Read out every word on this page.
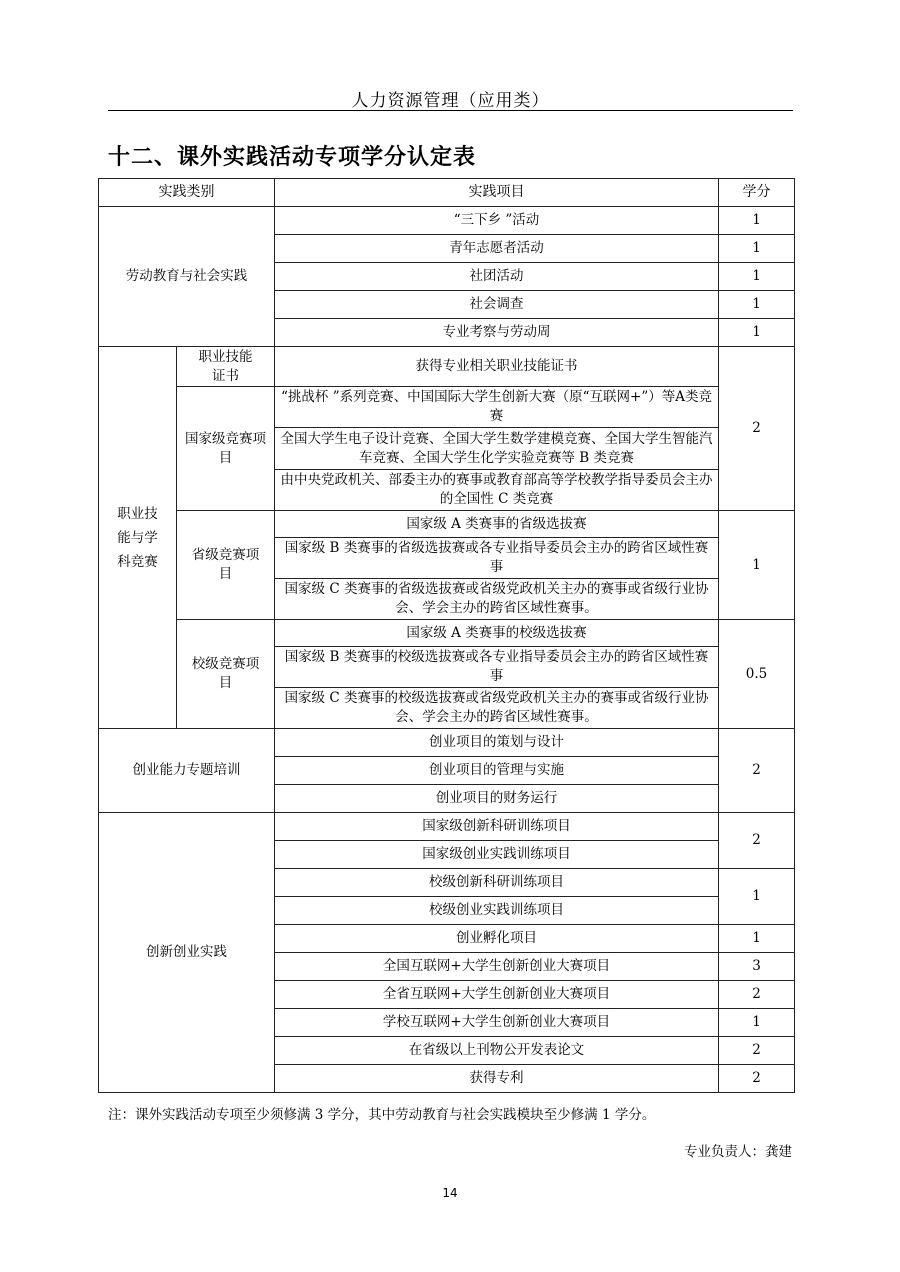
人力资源管理（应用类）
十二、课外实践活动专项学分认定表
实践类别		实践项目	学分
劳动教育与社会实践		“三下乡 ”活动	1
		青年志愿者活动	1
		社团活动	1
		社会调查	1
		专业考察与劳动周	1

职业技能与学科竞赛	职业技能证书	获得专业相关职业技能证书	2

	国家级竞赛项目	“挑战杯 ”系列竞赛、中国国际大学生创新大赛（原“互联网+”）等A类竞赛	
		全国大学生电子设计竞赛、全国大学生数学建模竞赛、全国大学生智能汽车竞赛、全国大学生化学实验竞赛等 B 类竞赛	
		由中央党政机关、部委主办的赛事或教育部高等学校教学指导委员会主办的全国性 C 类竞赛	

	省级竞赛项目	国家级 A 类赛事的省级选拔赛	1
		国家级 B 类赛事的省级选拔赛或各专业指导委员会主办的跨省区域性赛事	
		国家级 C 类赛事的省级选拔赛或省级党政机关主办的赛事或省级行业协会、学会主办的跨省区域性赛事。	

	校级竞赛项目	国家级 A 类赛事的校级选拔赛	0.5
		国家级 B 类赛事的校级选拔赛或各专业指导委员会主办的跨省区域性赛事	
		国家级 C 类赛事的校级选拔赛或省级党政机关主办的赛事或省级行业协会、学会主办的跨省区域性赛事。	
创业能力专题培训		创业项目的策划与设计	2
		创业项目的管理与实施	
		创业项目的财务运行	
创新创业实践		国家级创新科研训练项目	2
		国家级创业实践训练项目	
		校级创新科研训练项目	1
		校级创业实践训练项目	
		创业孵化项目	1
		全国互联网+大学生创新创业大赛项目	3
		全省互联网+大学生创新创业大赛项目	2
		学校互联网+大学生创新创业大赛项目	1
		在省级以上刊物公开发表论文	2
		获得专利	2
注：课外实践活动专项至少须修满 3 学分，其中劳动教育与社会实践模块至少修满 1 学分。
专业负责人：龚建
14
